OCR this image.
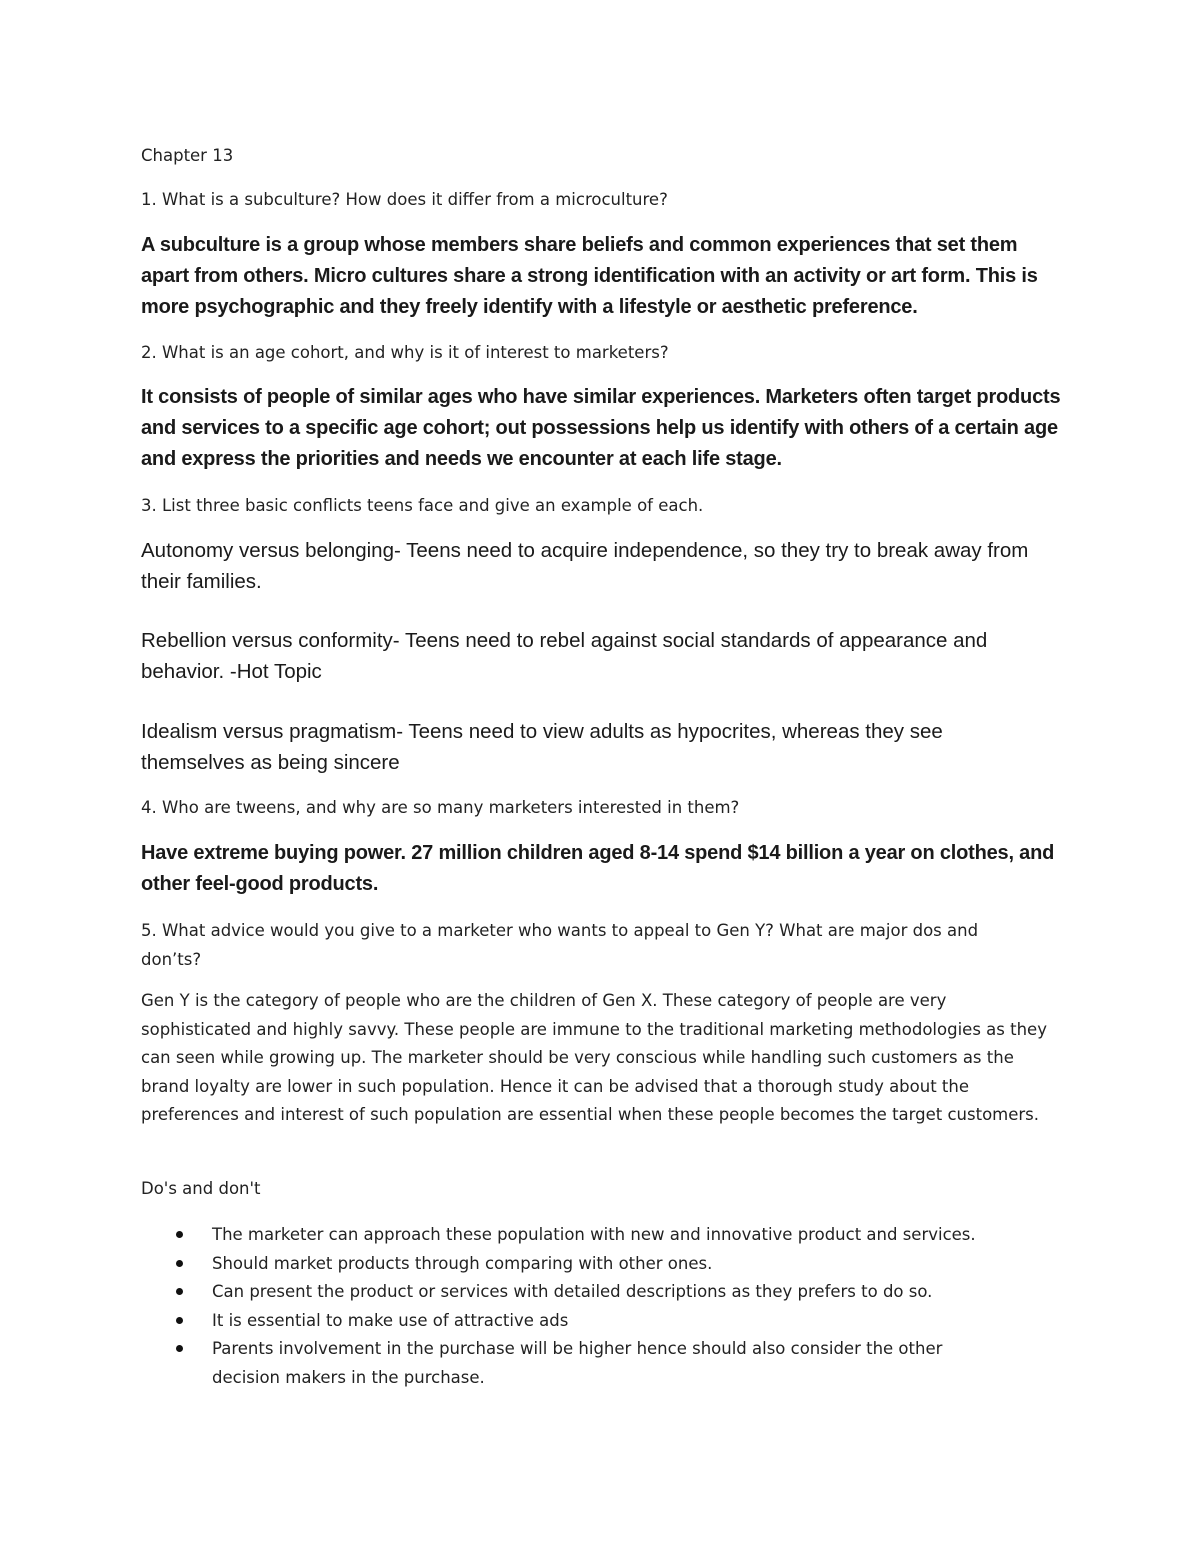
Chapter 13

1. What is a subculture? How does it differ from a microculture?

A subculture is a group whose members share beliefs and common experiences that set them apart from others. Micro cultures share a strong identification with an activity or art form. This is more psychographic and they freely identify with a lifestyle or aesthetic preference.

2. What is an age cohort, and why is it of interest to marketers?

It consists of people of similar ages who have similar experiences. Marketers often target products and services to a specific age cohort; out possessions help us identify with others of a certain age and express the priorities and needs we encounter at each life stage.

3. List three basic conflicts teens face and give an example of each.

Autonomy versus belonging- Teens need to acquire independence, so they try to break away from their families.

Rebellion versus conformity- Teens need to rebel against social standards of appearance and behavior. -Hot Topic

Idealism versus pragmatism- Teens need to view adults as hypocrites, whereas they see themselves as being sincere

4. Who are tweens, and why are so many marketers interested in them?

Have extreme buying power. 27 million children aged 8-14 spend $14 billion a year on clothes, and other feel-good products.

5. What advice would you give to a marketer who wants to appeal to Gen Y? What are major dos and don’ts?

Gen Y is the category of people who are the children of Gen X. These category of people are very sophisticated and highly savvy. These people are immune to the traditional marketing methodologies as they can seen while growing up. The marketer should be very conscious while handling such customers as the brand loyalty are lower in such population. Hence it can be advised that a thorough study about the preferences and interest of such population are essential when these people becomes the target customers.

Do's and don't

The marketer can approach these population with new and innovative product and services.
Should market products through comparing with other ones.
Can present the product or services with detailed descriptions as they prefers to do so.
It is essential to make use of attractive ads
Parents involvement in the purchase will be higher hence should also consider the other decision makers in the purchase.
